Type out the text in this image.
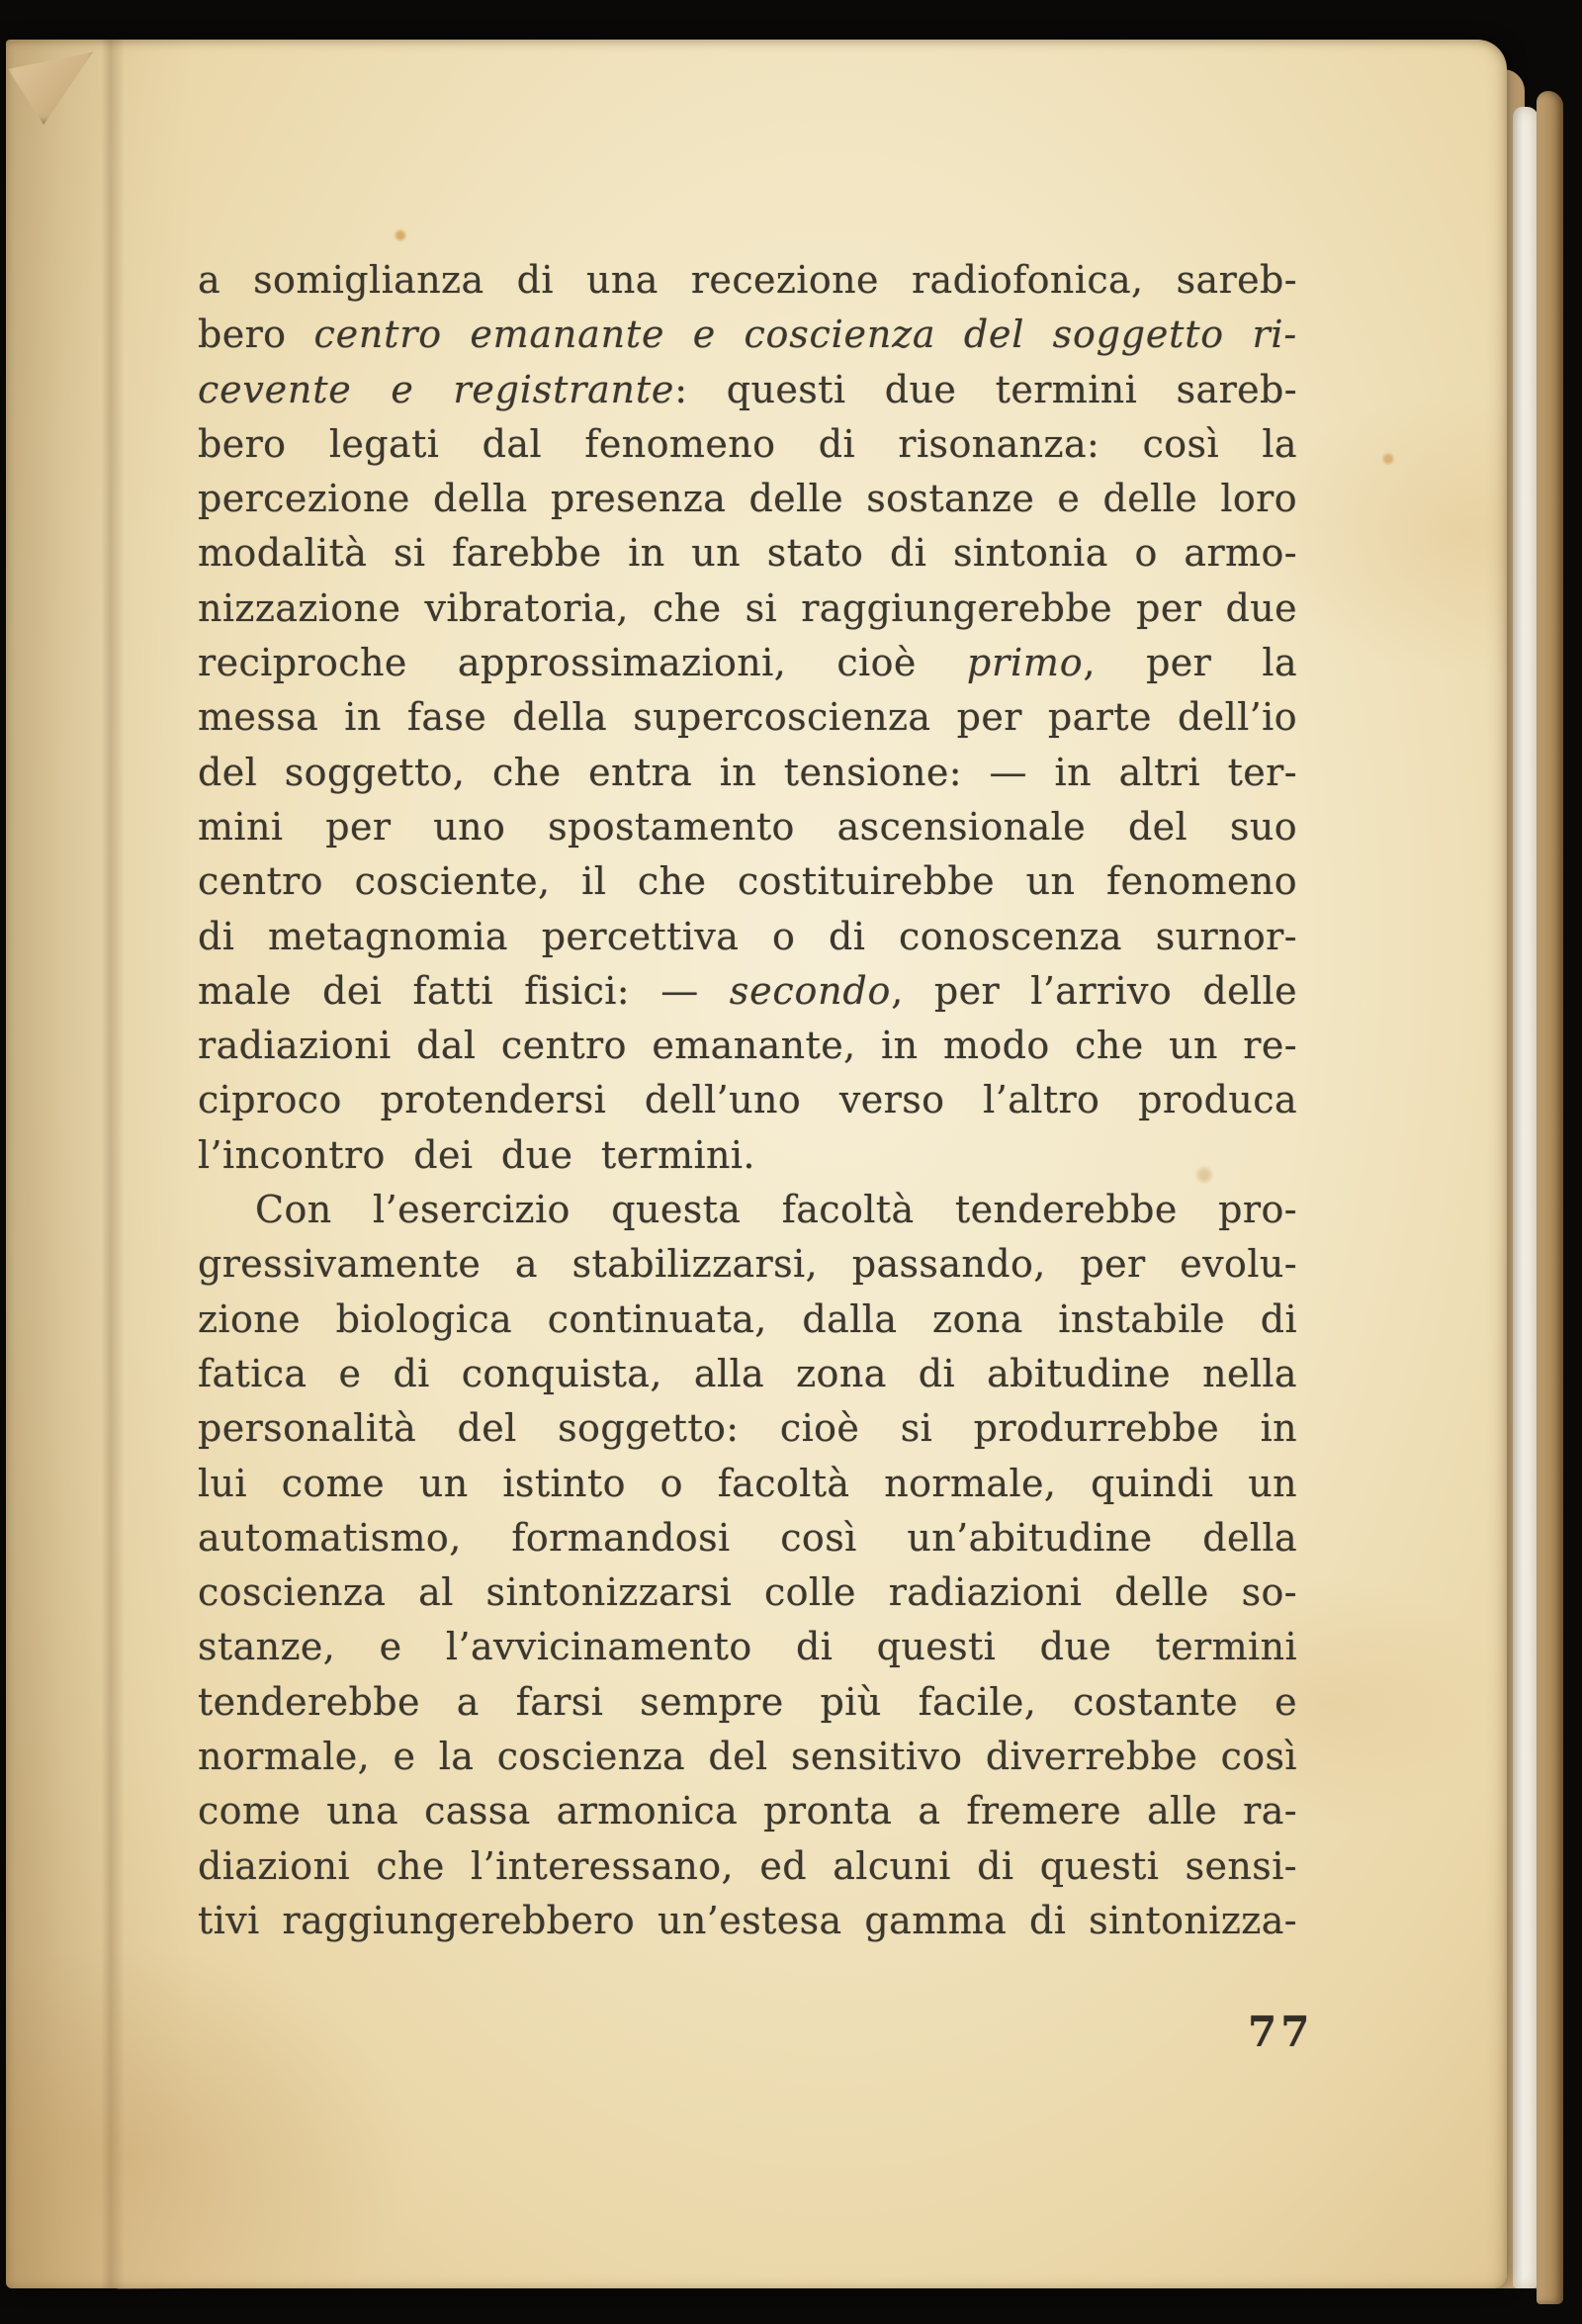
a somiglianza di una recezione radiofonica, sareb-
bero centro emanante e coscienza del soggetto ri-
cevente e registrante: questi due termini sareb-
bero legati dal fenomeno di risonanza: così la
percezione della presenza delle sostanze e delle loro
modalità si farebbe in un stato di sintonia o armo-
nizzazione vibratoria, che si raggiungerebbe per due
reciproche approssimazioni, cioè primo, per la
messa in fase della supercoscienza per parte dell’io
del soggetto, che entra in tensione: — in altri ter-
mini per uno spostamento ascensionale del suo
centro cosciente, il che costituirebbe un fenomeno
di metagnomia percettiva o di conoscenza surnor-
male dei fatti fisici: — secondo, per l’arrivo delle
radiazioni dal centro emanante, in modo che un re-
ciproco protendersi dell’uno verso l’altro produca
l’incontro dei due termini.
Con l’esercizio questa facoltà tenderebbe pro-
gressivamente a stabilizzarsi, passando, per evolu-
zione biologica continuata, dalla zona instabile di
fatica e di conquista, alla zona di abitudine nella
personalità del soggetto: cioè si produrrebbe in
lui come un istinto o facoltà normale, quindi un
automatismo, formandosi così un’abitudine della
coscienza al sintonizzarsi colle radiazioni delle so-
stanze, e l’avvicinamento di questi due termini
tenderebbe a farsi sempre più facile, costante e
normale, e la coscienza del sensitivo diverrebbe così
come una cassa armonica pronta a fremere alle ra-
diazioni che l’interessano, ed alcuni di questi sensi-
tivi raggiungerebbero un’estesa gamma di sintonizza-
77
